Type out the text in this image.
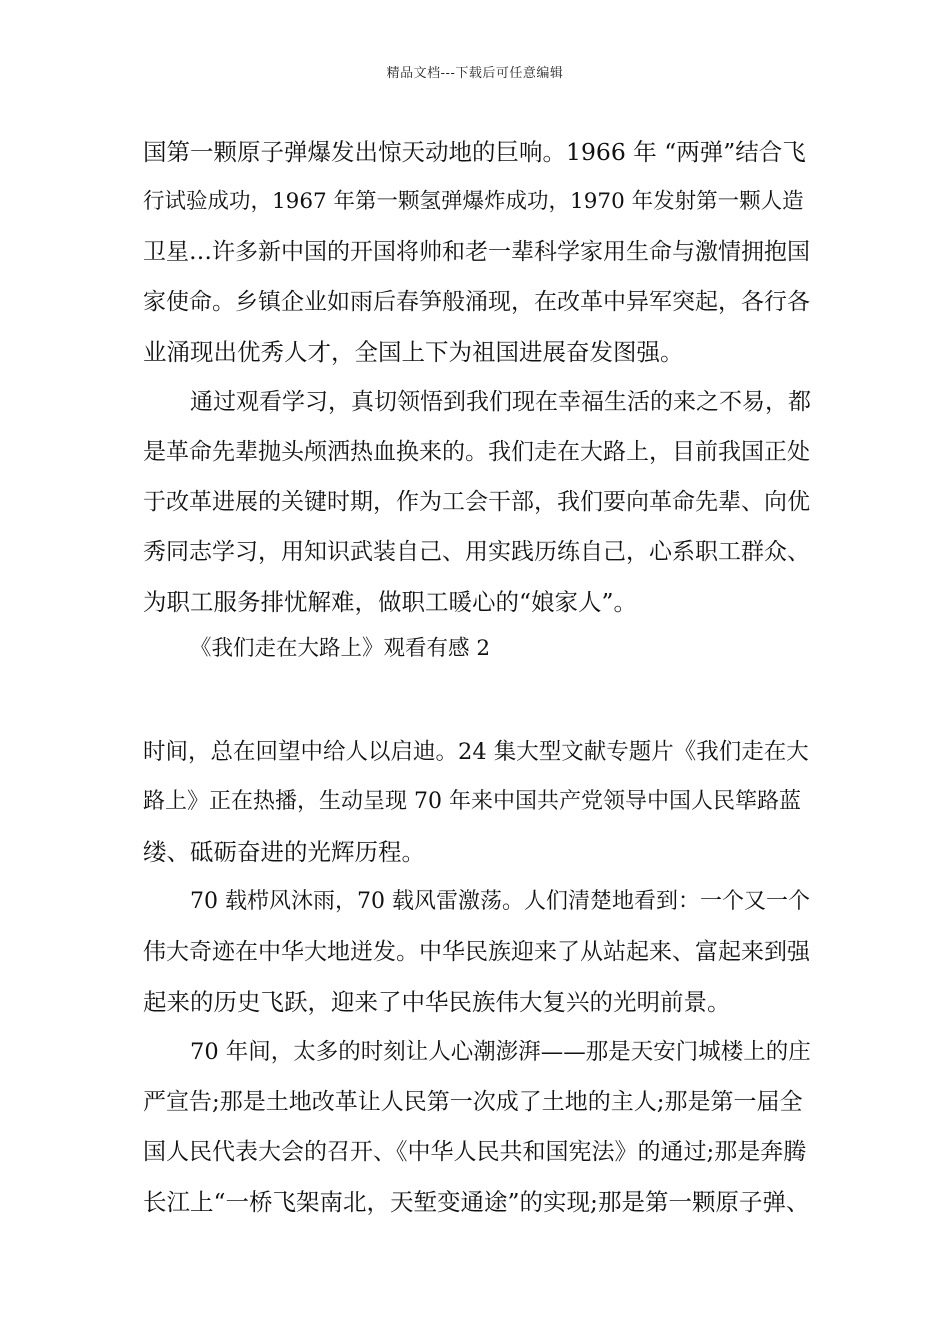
精品文档---下载后可任意编辑
国第一颗原子弹爆发出惊天动地的巨响。1966 年 “两弹”结合飞
行试验成功，1967 年第一颗氢弹爆炸成功，1970 年发射第一颗人造
卫星…许多新中国的开国将帅和老一辈科学家用生命与激情拥抱国
家使命。乡镇企业如雨后春笋般涌现，在改革中异军突起，各行各
业涌现出优秀人才，全国上下为祖国进展奋发图强。
通过观看学习，真切领悟到我们现在幸福生活的来之不易，都
是革命先辈抛头颅洒热血换来的。我们走在大路上，目前我国正处
于改革进展的关键时期，作为工会干部，我们要向革命先辈、向优
秀同志学习，用知识武装自己、用实践历练自己，心系职工群众、
为职工服务排忧解难，做职工暖心的“娘家人”。
《我们走在大路上》观看有感 2
时间，总在回望中给人以启迪。24 集大型文献专题片《我们走在大
路上》正在热播，生动呈现 70 年来中国共产党领导中国人民筚路蓝
缕、砥砺奋进的光辉历程。
70 载栉风沐雨，70 载风雷激荡。人们清楚地看到：一个又一个
伟大奇迹在中华大地迸发。中华民族迎来了从站起来、富起来到强
起来的历史飞跃，迎来了中华民族伟大复兴的光明前景。
70 年间，太多的时刻让人心潮澎湃——那是天安门城楼上的庄
严宣告;那是土地改革让人民第一次成了土地的主人;那是第一届全
国人民代表大会的召开、《中华人民共和国宪法》的通过;那是奔腾
长江上“一桥飞架南北，天堑变通途”的实现;那是第一颗原子弹、
